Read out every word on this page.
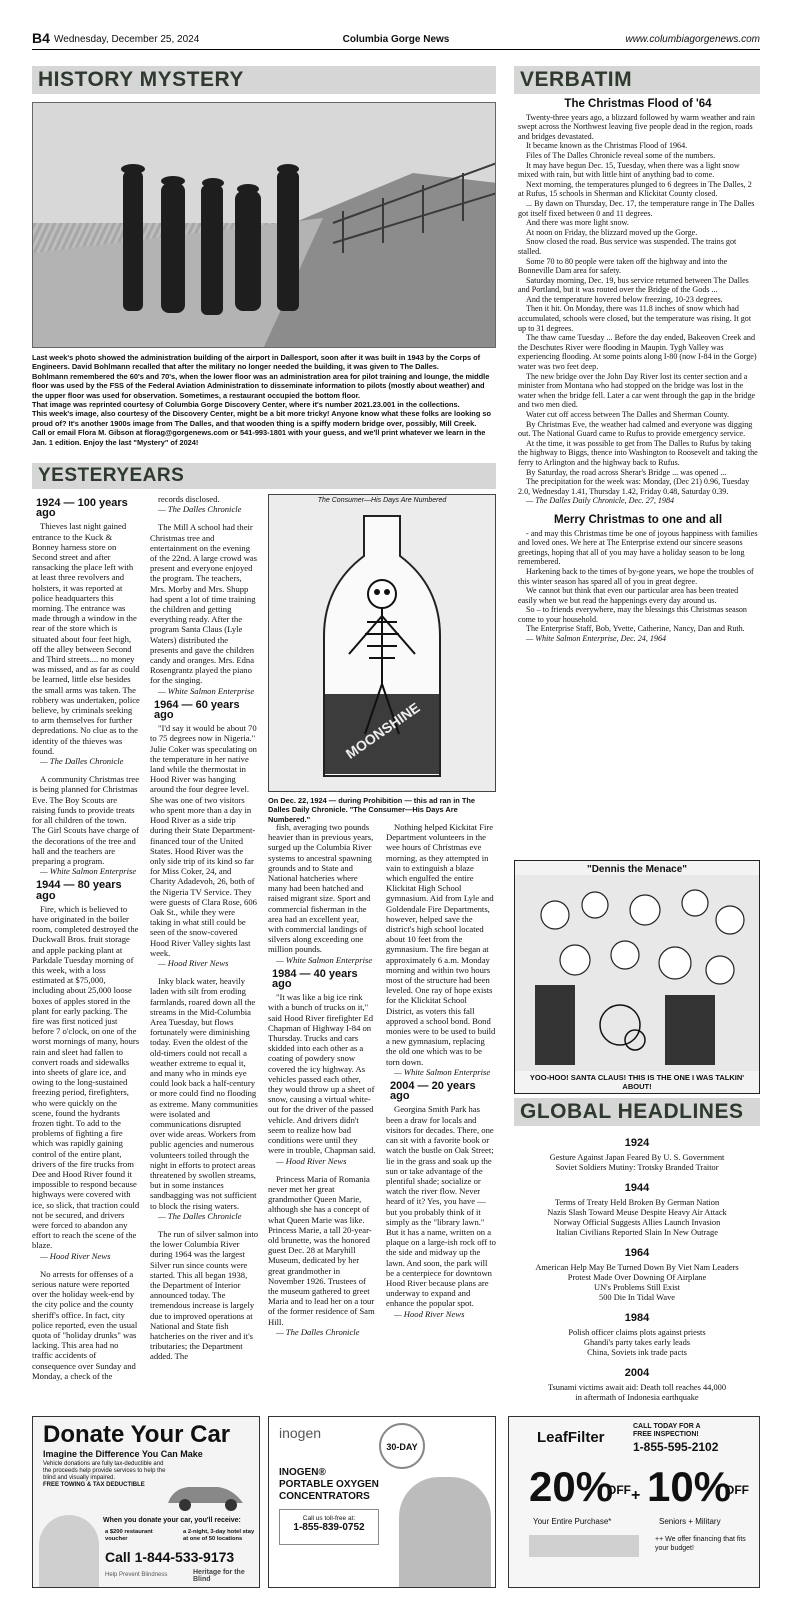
B4 Wednesday, December 25, 2024	Columbia Gorge News	www.columbiagorgenews.com
HISTORY MYSTERY

Last week's photo showed the administration building of the airport in Dallesport, soon after it was built in 1943 by the Corps of Engineers. David Bohlmann recalled that after the military no longer needed the building, it was given to The Dalles.

Bohlmann remembered the 60's and 70's, when the lower floor was an administration area for pilot training and lounge, the middle floor was used by the FSS of the Federal Aviation Administration to disseminate information to pilots (mostly about weather) and the upper floor was used for observation. Sometimes, a restaurant occupied the bottom floor.

That image was reprinted courtesy of Columbia Gorge Discovery Center, where it's number 2021.23.001 in the collections.

This week's image, also courtesy of the Discovery Center, might be a bit more tricky! Anyone know what these folks are looking so proud of? It's another 1900s image from The Dalles, and that wooden thing is a spiffy modern bridge over, possibly, Mill Creek.

Call or email Flora M. Gibson at florag@gorgenews.com or 541-993-1801 with your guess, and we'll print whatever we learn in the Jan. 1 edition. Enjoy the last "Mystery" of 2024!

YESTERYEARS
1924 — 100 years ago

Thieves last night gained entrance to the Kuck & Bonney harness store on Second street and after ransacking the place left with at least three revolvers and holsters, it was reported at police headquarters this morning. The entrance was made through a window in the rear of the store which is situated about four feet high, off the alley between Second and Third streets.... no money was missed, and as far as could be learned, little else besides the small arms was taken. The robbery was undertaken, police believe, by criminals seeking to arm themselves for further depredations. No clue as to the identity of the thieves was found.

— The Dalles Chronicle

A community Christmas tree is being planned for Christmas Eve. The Boy Scouts are raising funds to provide treats for all children of the town. The Girl Scouts have charge of the decorations of the tree and hall and the teachers are preparing a program.

— White Salmon Enterprise

1944 — 80 years ago

Fire, which is believed to have originated in the boiler room, completed destroyed the Duckwall Bros. fruit storage and apple packing plant at Parkdale Tuesday morning of this week, with a loss estimated at $75,000, including about 25,000 loose boxes of apples stored in the plant for early packing. The fire was first noticed just before 7 o'clock, on one of the worst mornings of many, hours rain and sleet had fallen to convert roads and sidewalks into sheets of glare ice, and owing to the long-sustained freezing period, firefighters, who were quickly on the scene, found the hydrants frozen tight. To add to the problems of fighting a fire which was rapidly gaining control of the entire plant, drivers of the fire trucks from Dee and Hood River found it impossible to respond because highways were covered with ice, so slick, that traction could not be secured, and drivers were forced to abandon any effort to reach the scene of the blaze.

— Hood River News

No arrests for offenses of a serious nature were reported over the holiday week-end by the city police and the county sheriff's office. In fact, city police reported, even the usual quota of "holiday drunks" was lacking. This area had no traffic accidents of consequence over Sunday and Monday, a check of the

records disclosed.

— The Dalles Chronicle

The Mill A school had their Christmas tree and entertainment on the evening of the 22nd. A large crowd was present and everyone enjoyed the program. The teachers, Mrs. Morby and Mrs. Shupp had spent a lot of time training the children and getting everything ready. After the program Santa Claus (Lyle Waters) distributed the presents and gave the children candy and oranges. Mrs. Edna Rosengrantz played the piano for the singing.

— White Salmon Enterprise

1964 — 60 years ago

"I'd say it would be about 70 to 75 degrees now in Nigeria." Julie Coker was speculating on the temperature in her native land while the thermostat in Hood River was hanging around the four degree level. She was one of two visitors who spent more than a day in Hood River as a side trip during their State Department-financed tour of the United States. Hood River was the only side trip of its kind so far for Miss Coker, 24, and Charity Adadevoh, 26, both of the Nigeria TV Service. They were guests of Clara Rose, 606 Oak St., while they were taking in what still could be seen of the snow-covered Hood River Valley sights last week.

— Hood River News

Inky black water, heavily laden with silt from eroding farmlands, roared down all the streams in the Mid-Columbia Area Tuesday, but flows fortunately were diminishing today. Even the oldest of the old-timers could not recall a weather extreme to equal it, and many who in minds eye could look back a half-century or more could find no flooding as extreme. Many communities were isolated and communications disrupted over wide areas. Workers from public agencies and numerous volunteers toiled through the night in efforts to protect areas threatened by swollen streams, but in some instances sandbagging was not sufficient to block the rising waters.

— The Dalles Chronicle

The run of silver salmon into the lower Columbia River during 1964 was the largest Silver run since counts were started. This all began 1938, the Department of Interior announced today. The tremendous increase is largely due to improved operations at National and State fish hatcheries on the river and it's tributaries; the Department added. The

The Consumer—His Days Are Numbered
MOONSHINE
On Dec. 22, 1924 — during Prohibition — this ad ran in The Dalles Daily Chronicle. "The Consumer—His Days Are Numbered."

fish, averaging two pounds heavier than in previous years, surged up the Columbia River systems to ancestral spawning grounds and to State and National hatcheries where many had been hatched and raised migrant size. Sport and commercial fisherman in the area had an excellent year, with commercial landings of silvers along exceeding one million pounds.

— White Salmon Enterprise

1984 — 40 years ago

"It was like a big ice rink with a bunch of trucks on it," said Hood River firefighter Ed Chapman of Highway I-84 on Thursday. Trucks and cars skidded into each other as a coating of powdery snow covered the icy highway. As vehicles passed each other, they would throw up a sheet of snow, causing a virtual white-out for the driver of the passed vehicle. And drivers didn't seem to realize how bad conditions were until they were in trouble, Chapman said.

— Hood River News

Princess Maria of Romania never met her great grandmother Queen Marie, although she has a concept of what Queen Marie was like. Princess Marie, a tall 20-year-old brunette, was the honored guest Dec. 28 at Maryhill Museum, dedicated by her great grandmother in November 1926. Trustees of the museum gathered to greet Maria and to lead her on a tour of the former residence of Sam Hill.

— The Dalles Chronicle

Nothing helped Kickitat Fire Department volunteers in the wee hours of Christmas eve morning, as they attempted in vain to extinguish a blaze which engulfed the entire Klickitat High School gymnasium. Aid from Lyle and Goldendale Fire Departments, however, helped save the district's high school located about 10 feet from the gymnasium. The fire began at approximately 6 a.m. Monday morning and within two hours most of the structure had been leveled. One ray of hope exists for the Klickitat School District, as voters this fall approved a school bond. Bond monies were to be used to build a new gymnasium, replacing the old one which was to be torn down.

— White Salmon Enterprise

2004 — 20 years ago

Georgina Smith Park has been a draw for locals and visitors for decades. There, one can sit with a favorite book or watch the bustle on Oak Street; lie in the grass and soak up the sun or take advantage of the plentiful shade; socialize or watch the river flow. Never heard of it? Yes, you have — but you probably think of it simply as the "library lawn." But it has a name, written on a plaque on a large-ish rock off to the side and midway up the lawn. And soon, the park will be a centerpiece for downtown Hood River because plans are underway to expand and enhance the popular spot.

— Hood River News

VERBATIM
The Christmas Flood of '64

Twenty-three years ago, a blizzard followed by warm weather and rain swept across the Northwest leaving five people dead in the region, roads and bridges devastated.

It became known as the Christmas Flood of 1964.

Files of The Dalles Chronicle reveal some of the numbers.

It may have begun Dec. 15, Tuesday, when there was a light snow mixed with rain, but with little hint of anything bad to come.

Next morning, the temperatures plunged to 6 degrees in The Dalles, 2 at Rufus, 15 schools in Sherman and Klickitat County closed.

... By dawn on Thursday, Dec. 17, the temperature range in The Dalles got itself fixed between 0 and 11 degrees.

And there was more light snow.

At noon on Friday, the blizzard moved up the Gorge.

Snow closed the road. Bus service was suspended. The trains got stalled.

Some 70 to 80 people were taken off the highway and into the Bonneville Dam area for safety.

Saturday morning, Dec. 19, bus service returned between The Dalles and Portland, but it was routed over the Bridge of the Gods ...

And the temperature hovered below freezing, 10-23 degrees.

Then it hit. On Monday, there was 11.8 inches of snow which had accumulated, schools were closed, but the temperature was rising. It got up to 31 degrees.

The thaw came Tuesday ... Before the day ended, Bakeoven Creek and the Deschutes River were flooding in Maupin. Tygh Valley was experiencing flooding. At some points along I-80 (now I-84 in the Gorge) water was two feet deep.

The new bridge over the John Day River lost its center section and a minister from Montana who had stopped on the bridge was lost in the water when the bridge fell. Later a car went through the gap in the bridge and two men died.

Water cut off access between The Dalles and Sherman County.

By Christmas Eve, the weather had calmed and everyone was digging out. The National Guard came to Rufus to provide emergency service.

At the time, it was possible to get from The Dalles to Rufus by taking the highway to Biggs, thence into Washington to Roosevelt and taking the ferry to Arlington and the highway back to Rufus.

By Saturday, the road across Sherar's Bridge ... was opened ...

The precipitation for the week was: Monday, (Dec 21) 0.96, Tuesday 2.0, Wednesday 1.41, Thursday 1.42, Friday 0.48, Saturday 0.39.

— The Dalles Daily Chronicle, Dec. 27, 1984

Merry Christmas to one and all

- and may this Christmas time be one of joyous happiness with families and loved ones. We here at The Enterprise extend our sincere seasons greetings, hoping that all of you may have a holiday season to be long remembered.

Harkening back to the times of by-gone years, we hope the troubles of this winter season has spared all of you in great degree.

We cannot but think that even our particular area has been treated easily when we but read the happenings every day around us.

So – to friends everywhere, may the blessings this Christmas season come to your household.

The Enterprise Staff, Bob, Yvette, Catherine, Nancy, Dan and Ruth.

— White Salmon Enterprise, Dec. 24, 1964

"Dennis the Menace"
YOO-HOO! SANTA CLAUS! THIS IS THE ONE I WAS TALKIN' ABOUT!
GLOBAL HEADLINES
1924
Gesture Against Japan Feared By U. S. Government
Soviet Soldiers Mutiny: Trotsky Branded Traitor
1944
Terms of Treaty Held Broken By German Nation
Nazis Slash Toward Meuse Despite Heavy Air Attack
Norway Official Suggests Allies Launch Invasion
Italian Civilians Reported Slain In New Outrage
1964
American Help May Be Turned Down By Viet Nam Leaders
Protest Made Over Downing Of Airplane
UN's Problems Still Exist
500 Die In Tidal Wave
1984
Polish officer claims plots against priests
Ghandi's party takes early leads
China, Soviets ink trade pacts
2004
Tsunami victims await aid: Death toll reaches 44,000
in aftermath of Indonesia earthquake
Donate Your Car
Imagine the Difference You Can Make
Vehicle donations are fully tax-deductible and the proceeds help provide services to help the blind and visually impaired.
FREE TOWING & TAX DEDUCTIBLE
When you donate your car, you'll receive:
a $200 restaurant voucher
a 2-night, 3-day hotel stay at one of 50 locations
Call 1-844-533-9173
Help Prevent Blindness	Heritage for the Blind
inogen
30-DAY
INOGEN®
PORTABLE OXYGEN
CONCENTRATORS
Call us toll-free at:
1-855-839-0752
LeafFilter
CALL TODAY FOR A
FREE INSPECTION!
1-855-595-2102
20%
OFF + 10%
OFF
Your Entire Purchase*	Seniors + Military
++ We offer financing that fits your budget!
